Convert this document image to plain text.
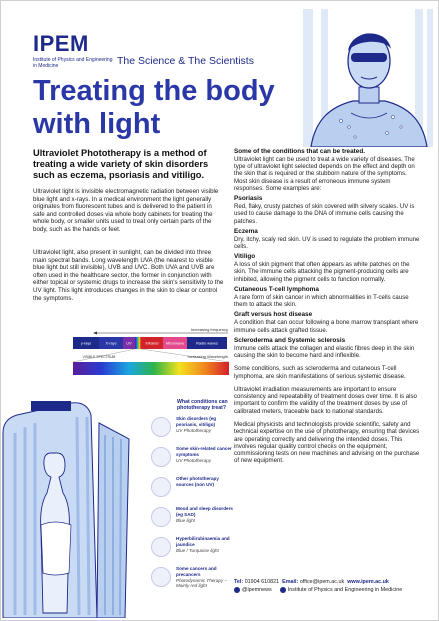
IPEM
Institute of Physics and Engineering in Medicine	The Science & The Scientists
Treating the body with light
Ultraviolet Phototherapy is a method of treating a wide variety of skin disorders such as eczema, psoriasis and vitiligo.
Ultraviolet light is invisible electromagnetic radiation between visible blue light and x-rays. In a medical environment the light generally originates from fluorescent tubes and is delivered to the patient in safe and controlled doses via whole body cabinets for treating the whole body, or smaller units used to treat only certain parts of the body, such as the hands or feet.
Ultraviolet light, also present in sunlight, can be divided into three main spectral bands. Long wavelength UVA (the nearest to visible blue light but still invisible), UVB and UVC. Both UVA and UVB are often used in the healthcare sector, the former in conjunction with either topical or systemic drugs to increase the skin's sensitivity to the UV light. This light introduces changes in the skin to clear or control the symptoms.
Increasing frequency
γ-rays	X-rays	UV	Infrared Microwave	Radio waves
VISIBLE SPECTRUM	Increasing Wavelength
What conditions can phototherapy treat?
Skin disorders (eg psoriasis, vitiligo)
UV Phototherapy
Some skin-related cancer symptoms
UV Phototherapy
Other phototherapy sources (non UV)
Mood and sleep disorders (eg SAD)
Blue light
Hyperbilirubinaemia and jaundice
Blue / Turquoise light
Some cancers and precancers
Photodynamic Therapy – Mainly red light

Some of the conditions that can be treated.

Ultraviolet light can be used to treat a wide variety of diseases. The type of ultraviolet light selected depends on the effect and depth on the skin that is required or the stubborn nature of the symptoms. Most skin disease is a result of erroneous immune system responses. Some examples are:

Psoriasis

Red, flaky, crusty patches of skin covered with silvery scales. UV is used to cause damage to the DNA of immune cells causing the patches.

Eczema

Dry, itchy, scaly red skin. UV is used to regulate the problem immune cells.

Vitiligo

A loss of skin pigment that often appears as white patches on the skin. The immune cells attacking the pigment-producing cells are inhibited, allowing the pigment cells to function normally.

Cutaneous T-cell lymphoma

A rare form of skin cancer in which abnormalities in T-cells cause them to attack the skin.

Graft versus host disease

A condition that can occur following a bone marrow transplant where immune cells attack grafted tissue.

Scleroderma and Systemic sclerosis

Immune cells attack the collagen and elastic fibres deep in the skin causing the skin to become hard and inflexible.

Some conditions, such as scleroderma and cutaneous T-cell lymphoma, are skin manifestations of serious systemic disease.

Ultraviolet irradiation measurements are important to ensure consistency and repeatability of treatment doses over time. It is also important to confirm the validity of the treatment doses by use of calibrated meters, traceable back to national standards.

Medical physicists and technologists provide scientific, safety and technical expertise on the use of phototherapy, ensuring that devices are operating correctly and delivering the intended doses. This involves regular quality control checks on the equipment, commissioning tests on new machines and advising on the purchase of new equipment.

Tel: 01904 610821 Email: office@ipem.ac.uk www.ipem.ac.uk
@ipemnews	Institute of Physics and Engineering in Medicine
